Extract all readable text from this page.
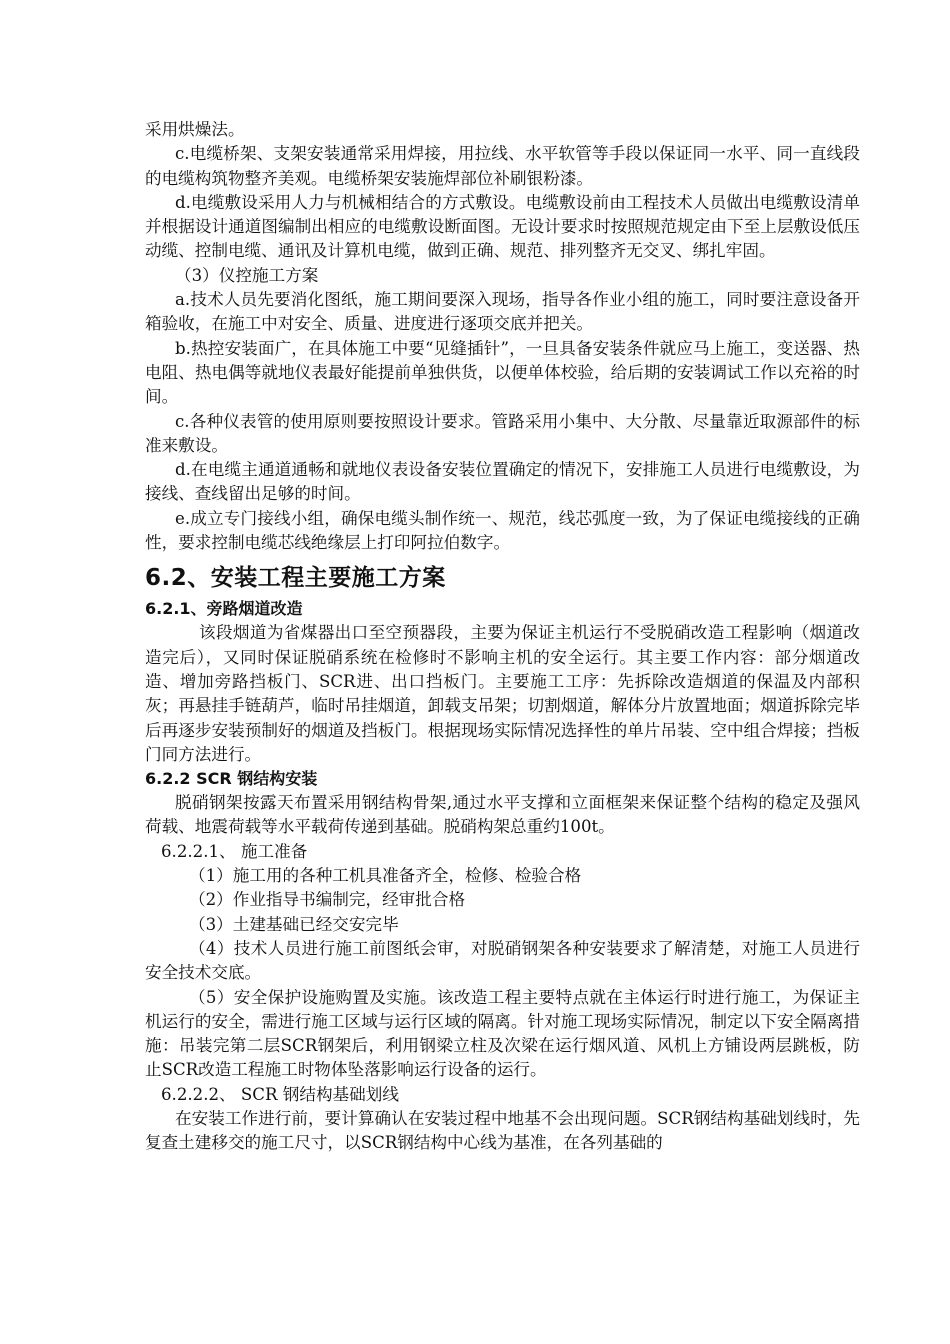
采用烘燥法。

c.电缆桥架、支架安装通常采用焊接，用拉线、水平软管等手段以保证同一水平、同一直线段的电缆构筑物整齐美观。电缆桥架安装施焊部位补刷银粉漆。

d.电缆敷设采用人力与机械相结合的方式敷设。电缆敷设前由工程技术人员做出电缆敷设清单并根据设计通道图编制出相应的电缆敷设断面图。无设计要求时按照规范规定由下至上层敷设低压动缆、控制电缆、通讯及计算机电缆，做到正确、规范、排列整齐无交叉、绑扎牢固。

（3）仪控施工方案

a.技术人员先要消化图纸，施工期间要深入现场，指导各作业小组的施工，同时要注意设备开箱验收，在施工中对安全、质量、进度进行逐项交底并把关。

b.热控安装面广，在具体施工中要“见缝插针”，一旦具备安装条件就应马上施工，变送器、热电阻、热电偶等就地仪表最好能提前单独供货，以便单体校验，给后期的安装调试工作以充裕的时间。

c.各种仪表管的使用原则要按照设计要求。管路采用小集中、大分散、尽量靠近取源部件的标准来敷设。

d.在电缆主通道通畅和就地仪表设备安装位置确定的情况下，安排施工人员进行电缆敷设，为接线、查线留出足够的时间。

e.成立专门接线小组，确保电缆头制作统一、规范，线芯弧度一致，为了保证电缆接线的正确性，要求控制电缆芯线绝缘层上打印阿拉伯数字。

6.2、安装工程主要施工方案
6.2.1、旁路烟道改造

该段烟道为省煤器出口至空预器段，主要为保证主机运行不受脱硝改造工程影响（烟道改造完后），又同时保证脱硝系统在检修时不影响主机的安全运行。其主要工作内容：部分烟道改造、增加旁路挡板门、SCR进、出口挡板门。主要施工工序：先拆除改造烟道的保温及内部积灰；再悬挂手链葫芦，临时吊挂烟道，卸载支吊架；切割烟道，解体分片放置地面；烟道拆除完毕后再逐步安装预制好的烟道及挡板门。根据现场实际情况选择性的单片吊装、空中组合焊接；挡板门同方法进行。

6.2.2 SCR 钢结构安装

脱硝钢架按露天布置采用钢结构骨架,通过水平支撑和立面框架来保证整个结构的稳定及强风荷载、地震荷载等水平载荷传递到基础。脱硝构架总重约100t。

6.2.2.1、 施工准备

（1）施工用的各种工机具准备齐全，检修、检验合格

（2）作业指导书编制完，经审批合格

（3）土建基础已经交安完毕

（4）技术人员进行施工前图纸会审，对脱硝钢架各种安装要求了解清楚，对施工人员进行安全技术交底。

（5）安全保护设施购置及实施。该改造工程主要特点就在主体运行时进行施工，为保证主机运行的安全，需进行施工区域与运行区域的隔离。针对施工现场实际情况，制定以下安全隔离措施：吊装完第二层SCR钢架后，利用钢梁立柱及次梁在运行烟风道、风机上方铺设两层跳板，防止SCR改造工程施工时物体坠落影响运行设备的运行。

6.2.2.2、 SCR 钢结构基础划线

在安装工作进行前，要计算确认在安装过程中地基不会出现问题。SCR钢结构基础划线时，先复查土建移交的施工尺寸，以SCR钢结构中心线为基准，在各列基础的
